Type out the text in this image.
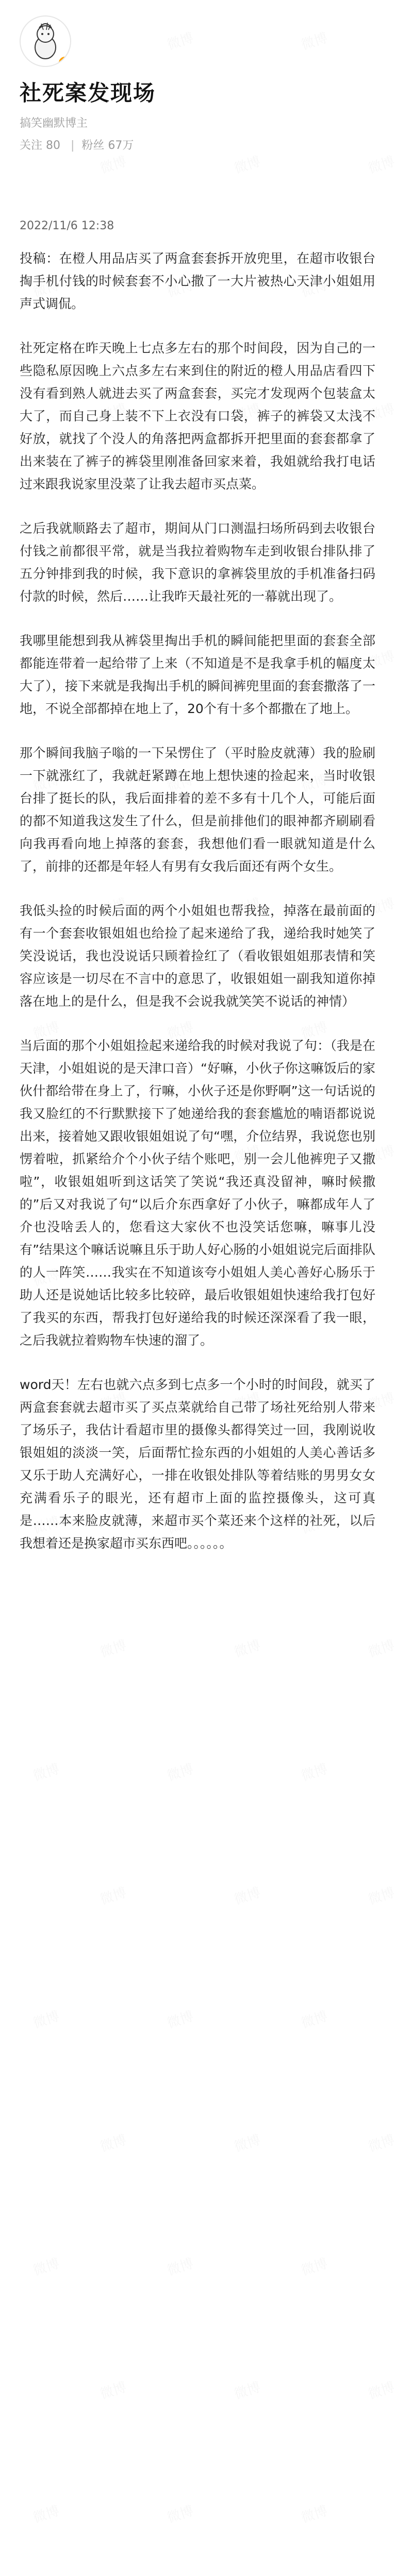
社死案发现场
搞笑幽默博主
关注 80 | 粉丝 67万
2022/11/6 12:38

投稿：在橙人用品店买了两盒套套拆开放兜里，在超市收银台掏手机付钱的时候套套不小心撒了一大片被热心天津小姐姐用声式调侃。

社死定格在昨天晚上七点多左右的那个时间段，因为自己的一些隐私原因晚上六点多左右来到住的附近的橙人用品店看四下没有看到熟人就进去买了两盒套套，买完才发现两个包装盒太大了，而自己身上装不下上衣没有口袋，裤子的裤袋又太浅不好放，就找了个没人的角落把两盒都拆开把里面的套套都拿了出来装在了裤子的裤袋里刚准备回家来着，我姐就给我打电话过来跟我说家里没菜了让我去超市买点菜。

之后我就顺路去了超市，期间从门口测温扫场所码到去收银台付钱之前都很平常，就是当我拉着购物车走到收银台排队排了五分钟排到我的时候，我下意识的拿裤袋里放的手机准备扫码付款的时候，然后……让我昨天最社死的一幕就出现了。

我哪里能想到我从裤袋里掏出手机的瞬间能把里面的套套全部都能连带着一起给带了上来（不知道是不是我拿手机的幅度太大了），接下来就是我掏出手机的瞬间裤兜里面的套套撒落了一地，不说全部都掉在地上了，20个有十多个都撒在了地上。

那个瞬间我脑子嗡的一下呆愣住了（平时脸皮就薄）我的脸刷一下就涨红了，我就赶紧蹲在地上想快速的捡起来，当时收银台排了挺长的队，我后面排着的差不多有十几个人，可能后面的都不知道我这发生了什么，但是前排他们的眼神都齐刷刷看向我再看向地上掉落的套套，我想他们看一眼就知道是什么了，前排的还都是年轻人有男有女我后面还有两个女生。

我低头捡的时候后面的两个小姐姐也帮我捡，掉落在最前面的有一个套套收银姐姐也给捡了起来递给了我，递给我时她笑了笑没说话，我也没说话只顾着捡红了（看收银姐姐那表情和笑容应该是一切尽在不言中的意思了，收银姐姐一副我知道你掉落在地上的是什么，但是我不会说我就笑笑不说话的神情）

当后面的那个小姐姐捡起来递给我的时候对我说了句：（我是在天津，小姐姐说的是天津口音）“好嘛，小伙子你这嘛饭后的家伙什都给带在身上了，行嘛，小伙子还是你野啊”这一句话说的我又脸红的不行默默接下了她递给我的套套尴尬的喃语都说说出来，接着她又跟收银姐姐说了句“嘿，介位结界，我说您也别愣着啦，抓紧给介个小伙子结个账吧，别一会儿他裤兜子又撒啦”，收银姐姐听到这话笑了笑说“我还真没留神，嘛时候撒的”后又对我说了句“以后介东西拿好了小伙子，嘛都成年人了介也没啥丢人的，您看这大家伙不也没笑话您嘛，嘛事儿没有”结果这个嘛话说嘛且乐于助人好心肠的小姐姐说完后面排队的人一阵笑……我实在不知道该夸小姐姐人美心善好心肠乐于助人还是说她话比较多比较碎，最后收银姐姐快速给我打包好了我买的东西，帮我打包好递给我的时候还深深看了我一眼，之后我就拉着购物车快速的溜了。

word天！左右也就六点多到七点多一个小时的时间段，就买了两盒套套就去超市买了买点菜就给自己带了场社死给别人带来了场乐子，我估计看超市里的摄像头都得笑过一回，我刚说收银姐姐的淡淡一笑，后面帮忙捡东西的小姐姐的人美心善话多又乐于助人充满好心，一排在收银处排队等着结账的男男女女充满看乐子的眼光，还有超市上面的监控摄像头，这可真是……本来脸皮就薄，来超市买个菜还来个这样的社死，以后我想着还是换家超市买东西吧。。。。。。
